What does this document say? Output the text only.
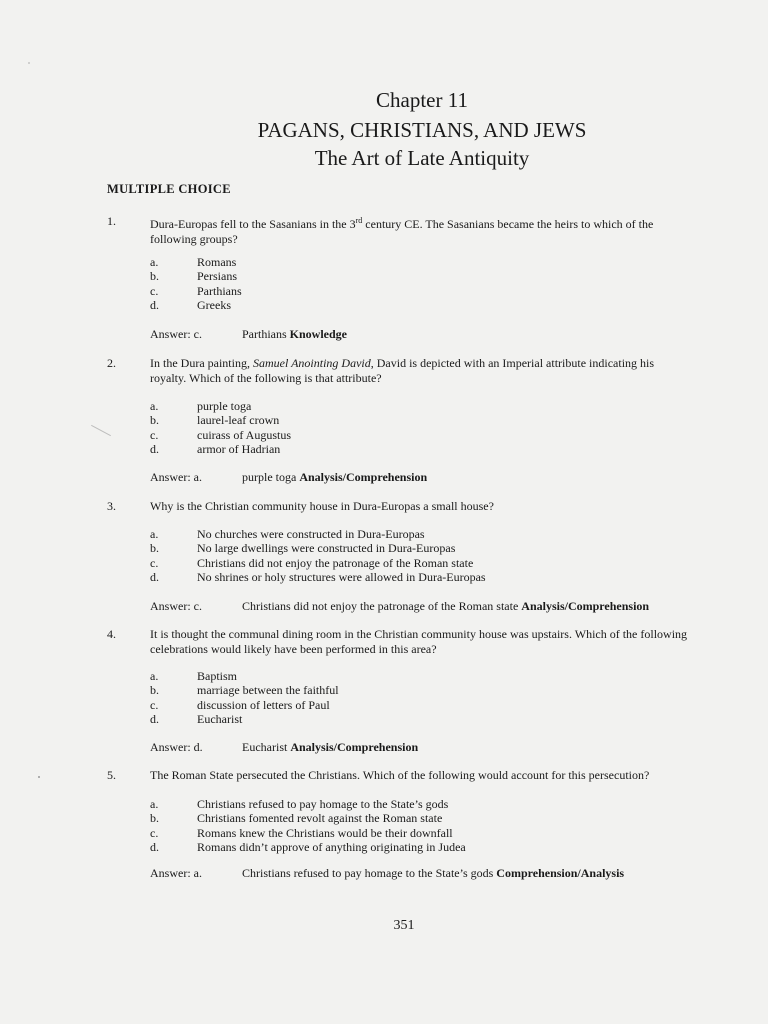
Chapter 11
PAGANS, CHRISTIANS, AND JEWS
The Art of Late Antiquity
MULTIPLE CHOICE
1.	Dura-Europas fell to the Sasanians in the 3rd century CE. The Sasanians became the heirs to which of the following groups?
a.	Romans
b.	Persians
c.	Parthians
d.	Greeks
Answer: c.	Parthians Knowledge
2.	In the Dura painting, Samuel Anointing David, David is depicted with an Imperial attribute indicating his royalty. Which of the following is that attribute?
a.	purple toga
b.	laurel-leaf crown
c.	cuirass of Augustus
d.	armor of Hadrian
Answer: a.	purple toga Analysis/Comprehension
3.	Why is the Christian community house in Dura-Europas a small house?
a.	No churches were constructed in Dura-Europas
b.	No large dwellings were constructed in Dura-Europas
c.	Christians did not enjoy the patronage of the Roman state
d.	No shrines or holy structures were allowed in Dura-Europas
Answer: c.	Christians did not enjoy the patronage of the Roman state Analysis/Comprehension
4.	It is thought the communal dining room in the Christian community house was upstairs. Which of the following celebrations would likely have been performed in this area?
a.	Baptism
b.	marriage between the faithful
c.	discussion of letters of Paul
d.	Eucharist
Answer: d.	Eucharist Analysis/Comprehension
5.	The Roman State persecuted the Christians. Which of the following would account for this persecution?
a.	Christians refused to pay homage to the State’s gods
b.	Christians fomented revolt against the Roman state
c.	Romans knew the Christians would be their downfall
d.	Romans didn’t approve of anything originating in Judea
Answer: a.	Christians refused to pay homage to the State’s gods Comprehension/Analysis
351
